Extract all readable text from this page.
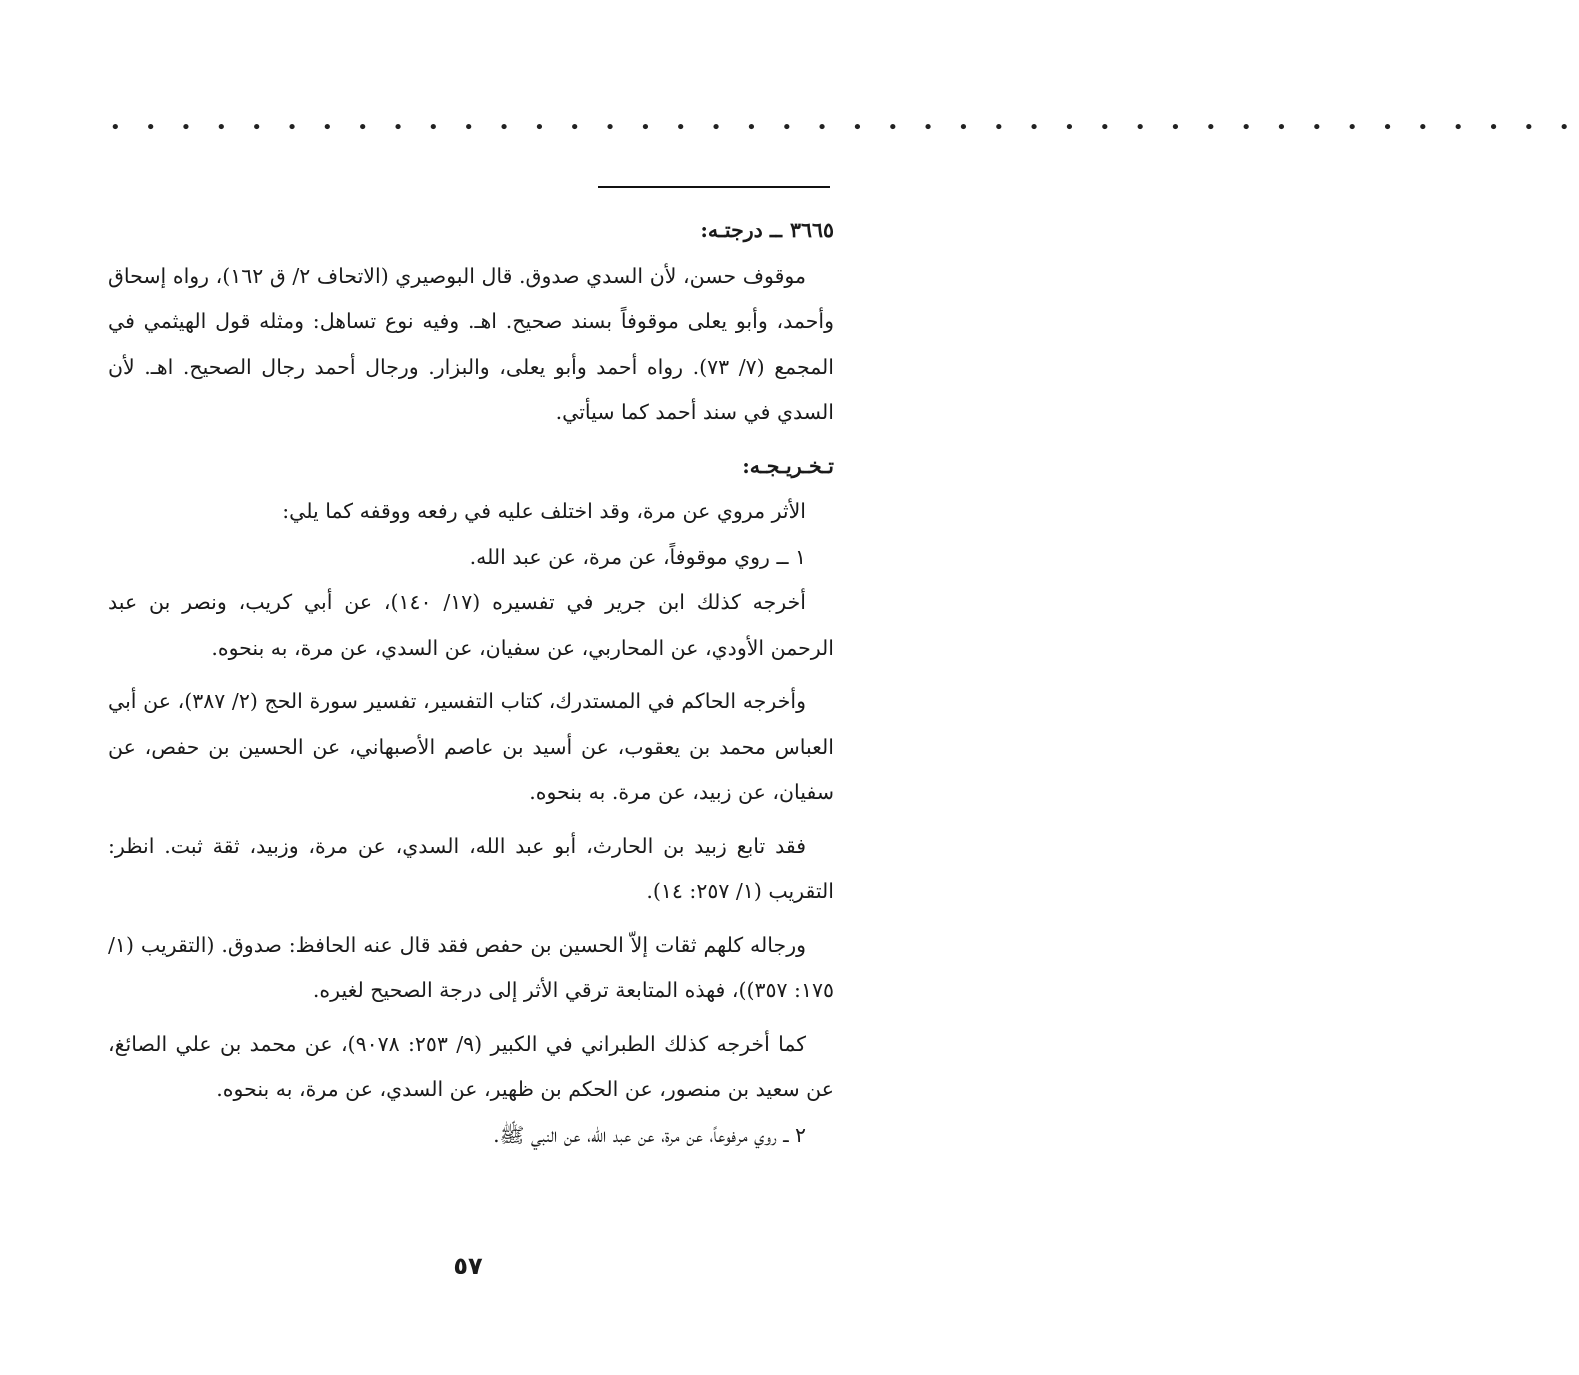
• • • • • • • • • • • • • • • • • • • • • • • • • • • • • • • • • • • • • • • • • •

٣٦٦٥ــ درجتـه:

موقوف حسن، لأن السدي صدوق. قال البوصيري (الاتحاف ٢/ ق ١٦٢)، رواه إسحاق وأحمد، وأبو يعلى موقوفاً بسند صحيح. اهـ. وفيه نوع تساهل: ومثله قول الهيثمي في المجمع (٧/ ٧٣). رواه أحمد وأبو يعلى، والبزار. ورجال أحمد رجال الصحيح. اهـ. لأن السدي في سند أحمد كما سيأتي.

تـخـريـجـه:

الأثر مروي عن مرة، وقد اختلف عليه في رفعه ووقفه كما يلي:

١ ــ روي موقوفاً، عن مرة، عن عبد الله.

أخرجه كذلك ابن جرير في تفسيره (١٧/ ١٤٠)، عن أبي كريب، ونصر بن عبد الرحمن الأودي، عن المحاربي، عن سفيان، عن السدي، عن مرة، به بنحوه.

وأخرجه الحاكم في المستدرك، كتاب التفسير، تفسير سورة الحج (٢/ ٣٨٧)، عن أبي العباس محمد بن يعقوب، عن أسيد بن عاصم الأصبهاني، عن الحسين بن حفص، عن سفيان، عن زبيد، عن مرة. به بنحوه.

فقد تابع زبيد بن الحارث، أبو عبد الله، السدي، عن مرة، وزبيد، ثقة ثبت. انظر: التقريب (١/ ٢٥٧: ١٤).

ورجاله كلهم ثقات إلاّ الحسين بن حفص فقد قال عنه الحافظ: صدوق. (التقريب (١/ ١٧٥: ٣٥٧))، فهذه المتابعة ترقي الأثر إلى درجة الصحيح لغيره.

كما أخرجه كذلك الطبراني في الكبير (٩/ ٢٥٣: ٩٠٧٨)، عن محمد بن علي الصائغ، عن سعيد بن منصور، عن الحكم بن ظهير، عن السدي، عن مرة، به بنحوه.

٢ ــ روي مرفوعاً، عن مرة، عن عبد الله، عن النبي ﷺ.

٥٧
